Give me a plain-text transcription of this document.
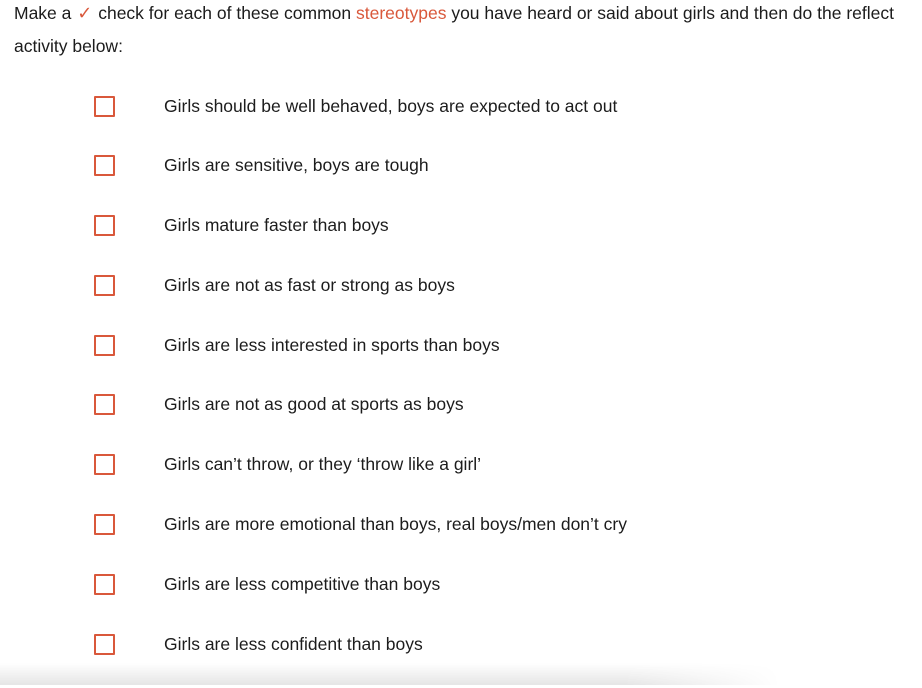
Make a ✓ check for each of these common stereotypes you have heard or said about girls and then do the reflect activity below:

Girls should be well behaved, boys are expected to act out
Girls are sensitive, boys are tough
Girls mature faster than boys
Girls are not as fast or strong as boys
Girls are less interested in sports than boys
Girls are not as good at sports as boys
Girls can’t throw, or they ‘throw like a girl’
Girls are more emotional than boys, real boys/men don’t cry
Girls are less competitive than boys
Girls are less confident than boys
